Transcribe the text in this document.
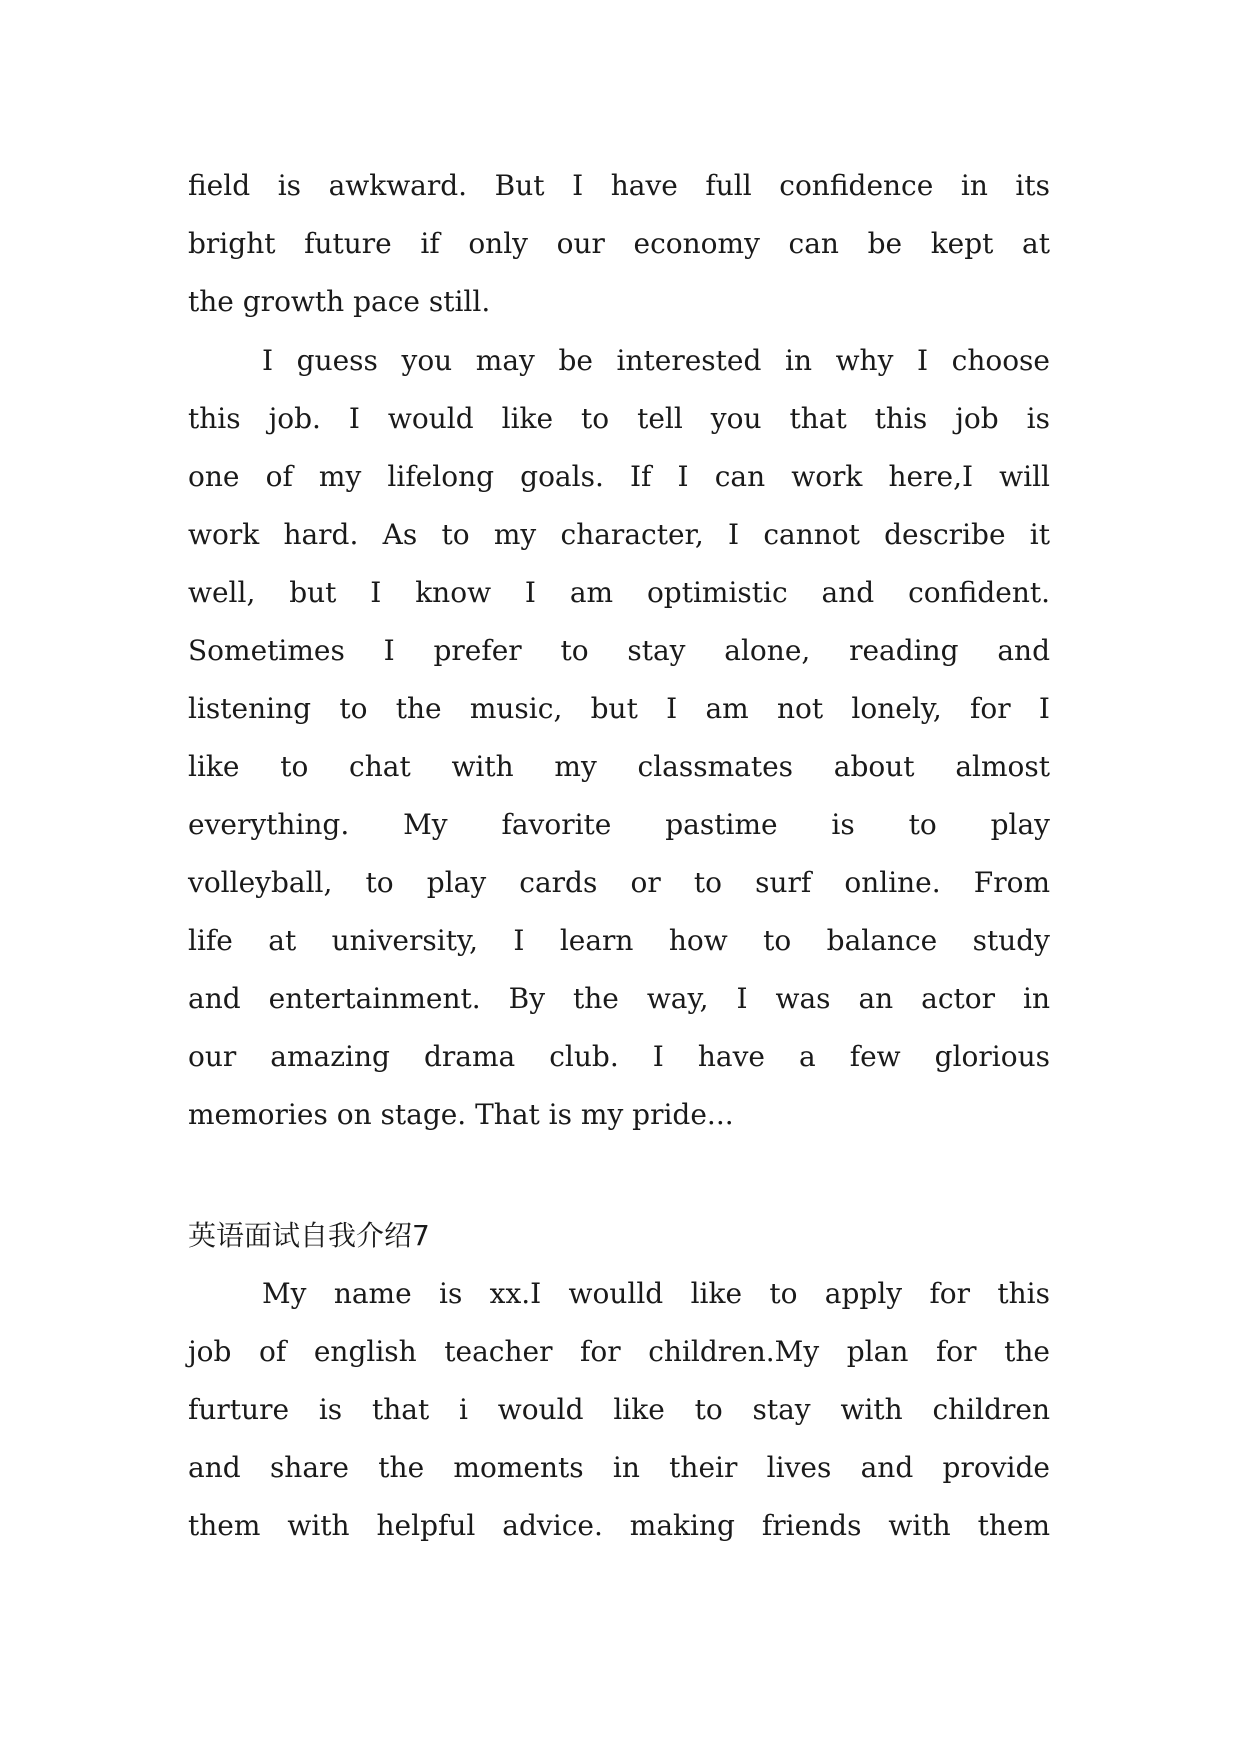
field is awkward. But I have full confidence in its
bright future if only our economy can be kept at
the growth pace still.
I guess you may be interested in why I choose
this job. I would like to tell you that this job is
one of my lifelong goals. If I can work here,I will
work hard. As to my character, I cannot describe it
well, but I know I am optimistic and confident.
Sometimes I prefer to stay alone, reading and
listening to the music, but I am not lonely, for I
like to chat with my classmates about almost
everything. My favorite pastime is to play
volleyball, to play cards or to surf online. From
life at university, I learn how to balance study
and entertainment. By the way, I was an actor in
our amazing drama club. I have a few glorious
memories on stage. That is my pride...
英语面试自我介绍7
My name is xx.I woulld like to apply for this
job of english teacher for children.My plan for the
furture is that i would like to stay with children
and share the moments in their lives and provide
them with helpful advice. making friends with them
